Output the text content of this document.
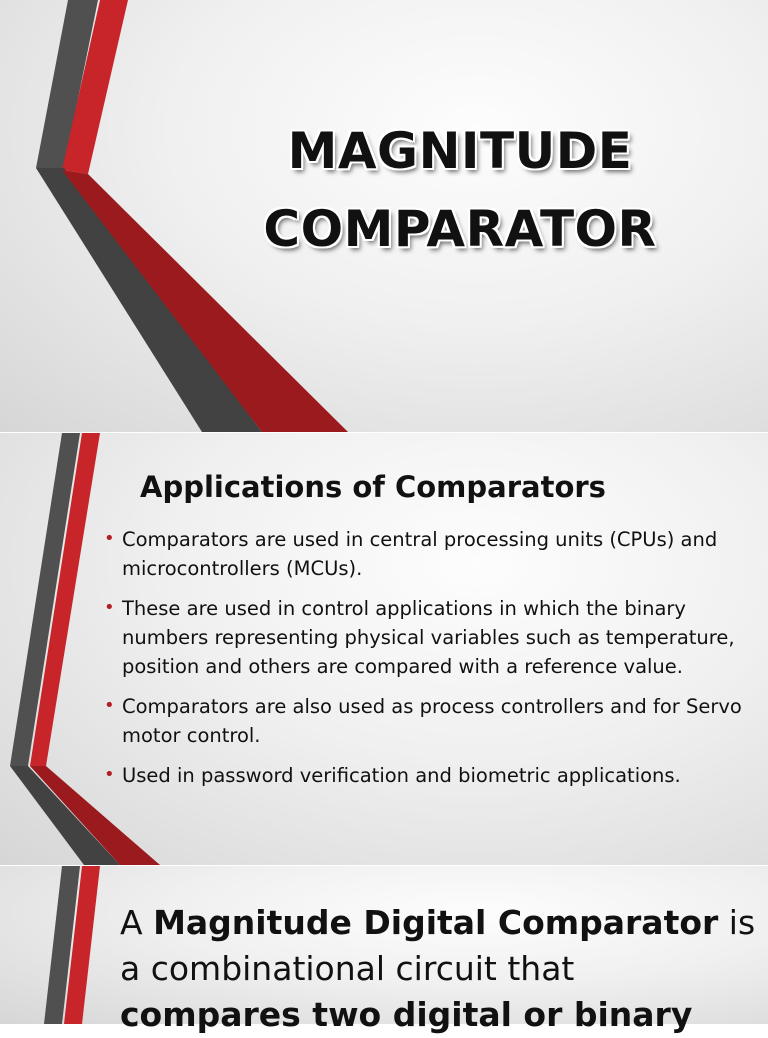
MAGNITUDE
COMPARATOR
Applications of Comparators
• Comparators are used in central processing units (CPUs) and microcontrollers (MCUs).
• These are used in control applications in which the binary numbers representing physical variables such as temperature, position and others are compared with a reference value.
• Comparators are also used as process controllers and for Servo motor control.
• Used in password verification and biometric applications.

A Magnitude Digital Comparator is a combinational circuit that compares two digital or binary
